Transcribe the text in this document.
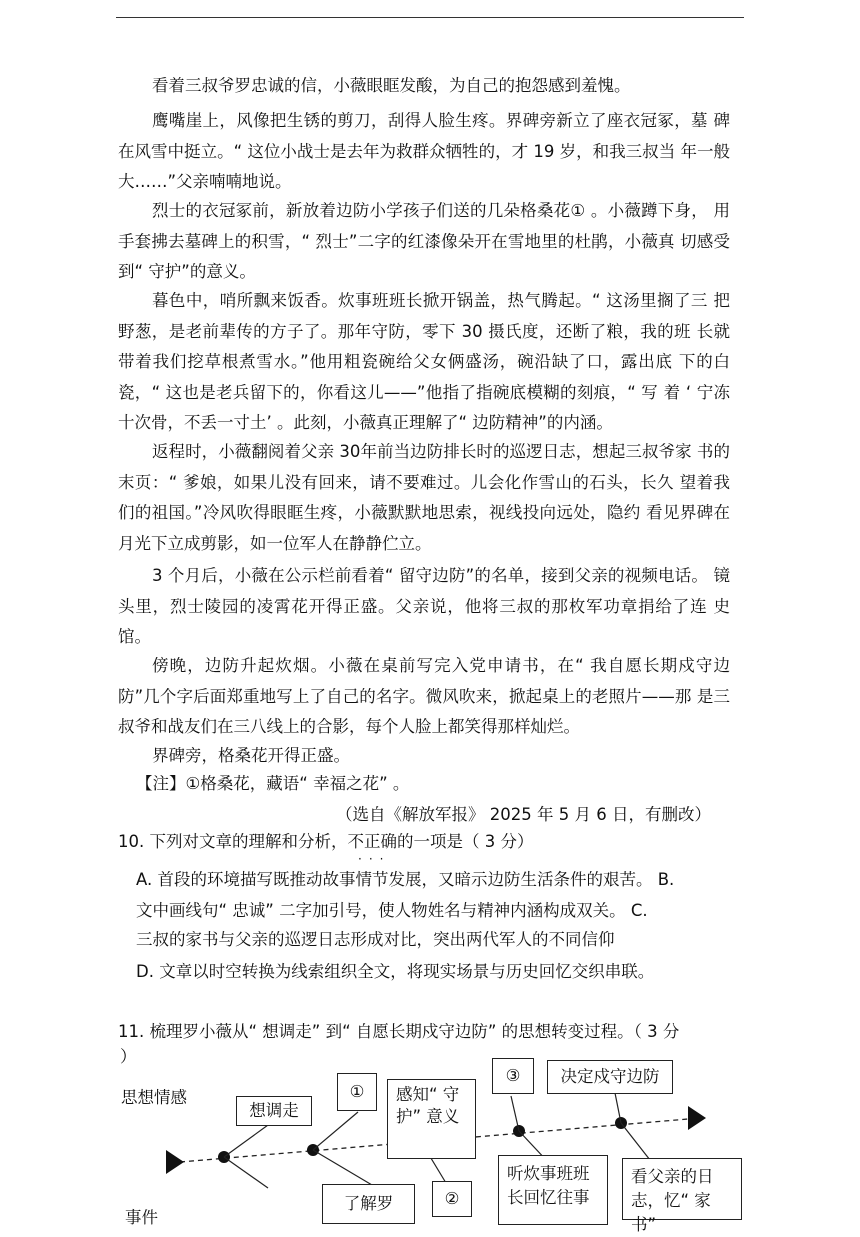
看着三叔爷罗忠诚的信，小薇眼眶发酸，为自己的抱怨感到羞愧。

鹰嘴崖上，风像把生锈的剪刀，刮得人脸生疼。界碑旁新立了座衣冠冢，墓 碑在风雪中挺立。“ 这位小战士是去年为救群众牺牲的，才 19 岁，和我三叔当 年一般大……”父亲喃喃地说。

烈士的衣冠冢前，新放着边防小学孩子们送的几朵格桑花① 。小薇蹲下身， 用手套拂去墓碑上的积雪，“ 烈士”二字的红漆像朵开在雪地里的杜鹃，小薇真 切感受到“ 守护”的意义。

暮色中，哨所飘来饭香。炊事班班长掀开锅盖，热气腾起。“ 这汤里搁了三 把野葱，是老前辈传的方子了。那年守防，零下 30 摄氏度，还断了粮，我的班 长就带着我们挖草根煮雪水。”他用粗瓷碗给父女俩盛汤，碗沿缺了口，露出底 下的白瓷，“ 这也是老兵留下的，你看这儿——”他指了指碗底模糊的刻痕，“ 写 着 ‘ 宁冻十次骨，不丢一寸土’ 。此刻，小薇真正理解了“ 边防精神”的内涵。

返程时，小薇翻阅着父亲 30年前当边防排长时的巡逻日志，想起三叔爷家 书的末页：“ 爹娘，如果儿没有回来，请不要难过。儿会化作雪山的石头，长久 望着我们的祖国。”冷风吹得眼眶生疼，小薇默默地思索，视线投向远处，隐约 看见界碑在月光下立成剪影，如一位军人在静静伫立。

3 个月后，小薇在公示栏前看着“ 留守边防”的名单，接到父亲的视频电话。 镜头里，烈士陵园的凌霄花开得正盛。父亲说，他将三叔的那枚军功章捐给了连 史馆。

傍晚，边防升起炊烟。小薇在桌前写完入党申请书，在“ 我自愿长期戍守边 防”几个字后面郑重地写上了自己的名字。微风吹来，掀起桌上的老照片——那 是三叔爷和战友们在三八线上的合影，每个人脸上都笑得那样灿烂。

界碑旁，格桑花开得正盛。

【注】①格桑花，藏语“ 幸福之花” 。

（选自《解放军报》 2025 年 5 月 6 日，有删改）

10. 下列对文章的理解和分析，不正确的一项是（ 3 分）

···

A. 首段的环境描写既推动故事情节发展，又暗示边防生活条件的艰苦。 B.

文中画线句“ 忠诚” 二字加引号，使人物姓名与精神内涵构成双关。 C.

三叔的家书与父亲的巡逻日志形成对比，突出两代军人的不同信仰

D. 文章以时空转换为线索组织全文，将现实场景与历史回忆交织串联。

11. 梳理罗小薇从“ 想调走” 到“ 自愿长期戍守边防” 的思想转变过程。（ 3 分

）

思想情感
事件
想调走
①	感知“ 守 护” 意义
③	决定戍守边防
了解罗	②
听炊事班班 长回忆往事
看父亲的日 志，忆“ 家书”
